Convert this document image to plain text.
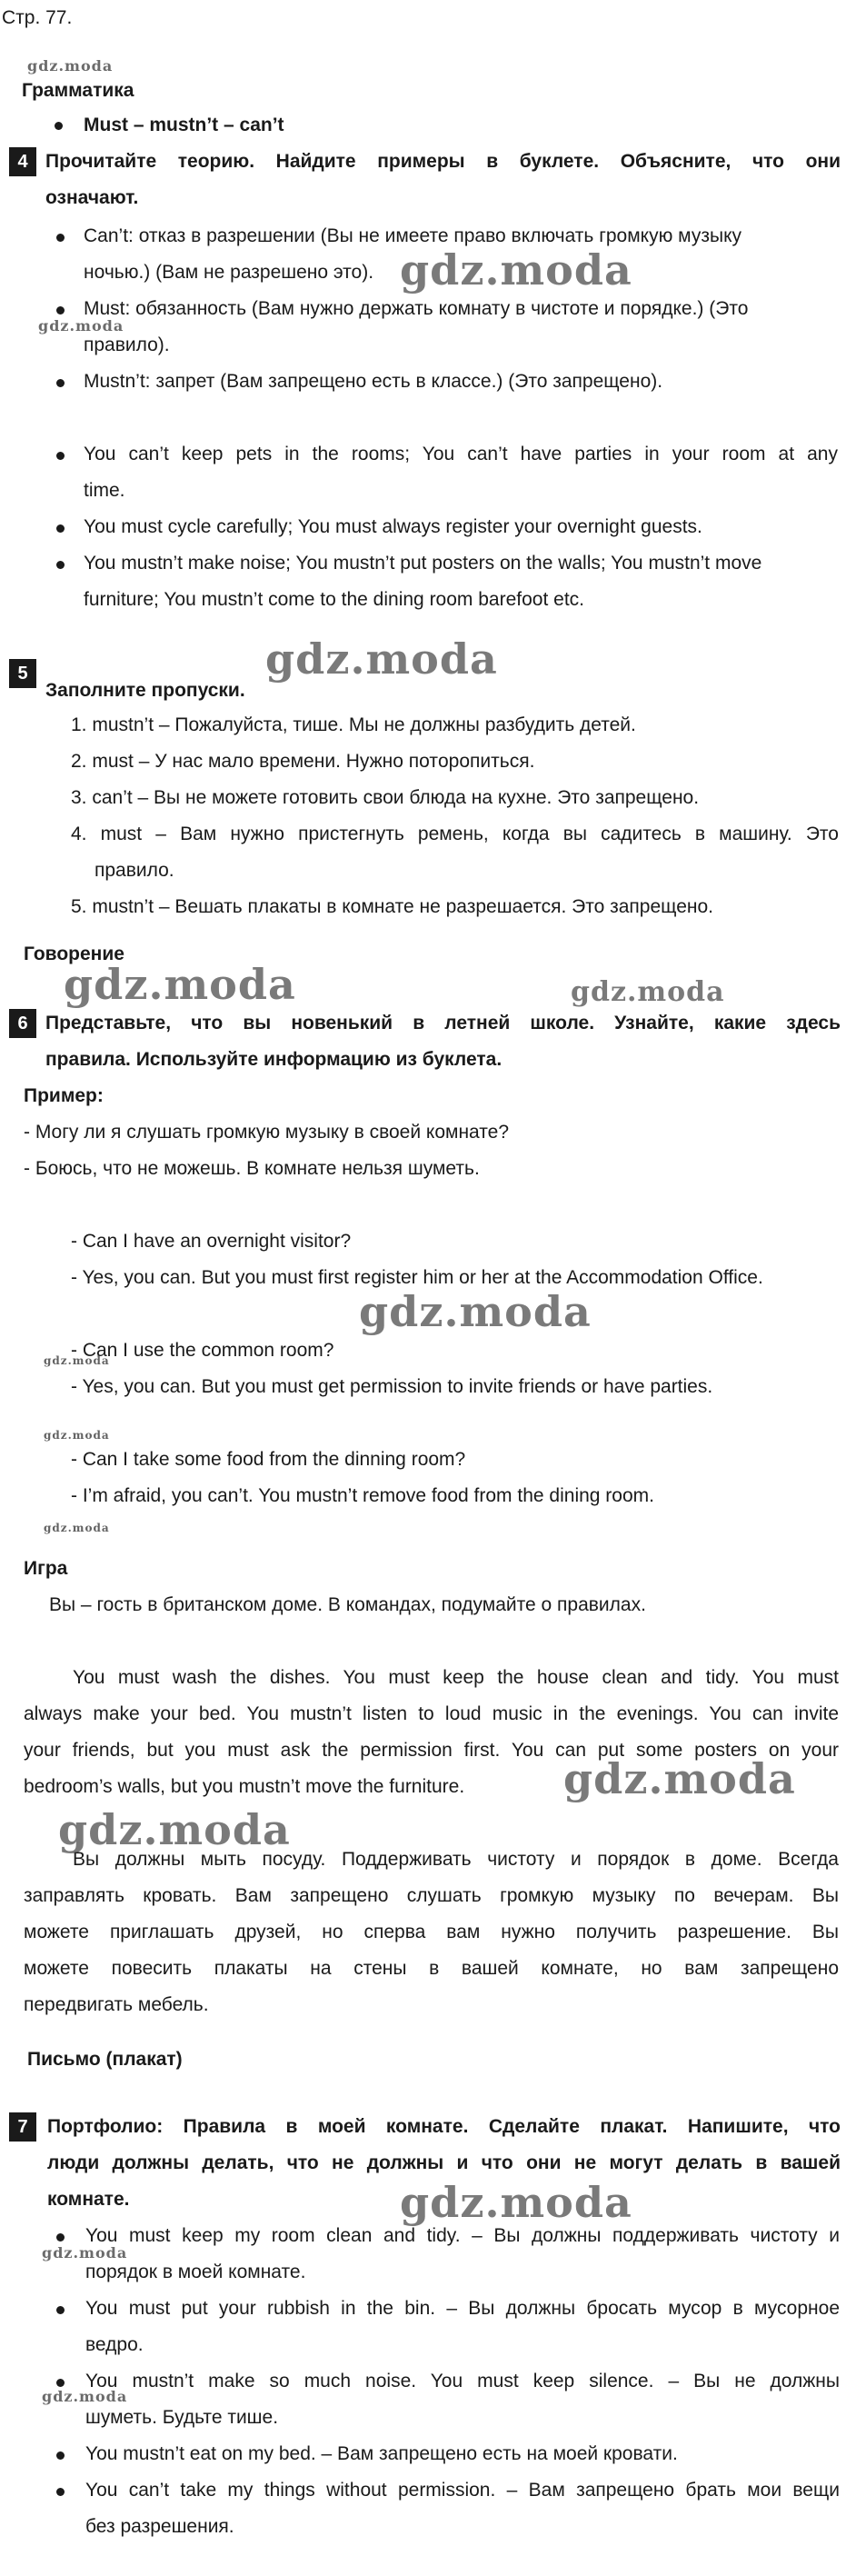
Стр. 77.
Грамматика
Must – mustn’t – can’t
4 Прочитайте теорию. Найдите примеры в буклете. Объясните, что они
означают.
Can’t: отказ в разрешении (Вы не имеете право включать громкую музыку
ночью.) (Вам не разрешено это).
Must: обязанность (Вам нужно держать комнату в чистоте и порядке.) (Это
правило).
Mustn’t: запрет (Вам запрещено есть в классе.) (Это запрещено).
You can’t keep pets in the rooms; You can’t have parties in your room at any
time.
You must cycle carefully; You must always register your overnight guests.
You mustn’t make noise; You mustn’t put posters on the walls; You mustn’t move
furniture; You mustn’t come to the dining room barefoot etc.
5
Заполните пропуски.
1. mustn’t – Пожалуйста, тише. Мы не должны разбудить детей.
2. must – У нас мало времени. Нужно потoропиться.
3. can’t – Вы не можете готовить свои блюда на кухне. Это запрещено.
4. must – Вам нужно пристегнуть ремень, когда вы садитесь в машину. Это
правило.
5. mustn’t – Вешать плакаты в комнате не разрешается. Это запрещено.
Говорение
6 Представьте, что вы новенький в летней школе. Узнайте, какие здесь
правила. Используйте информацию из буклета.
Пример:
- Могу ли я слушать громкую музыку в своей комнате?
- Боюсь, что не можешь. В комнате нельзя шуметь.
- Can I have an overnight visitor?
- Yes, you can. But you must first register him or her at the Accommodation Office.
- Can I use the common room?
- Yes, you can. But you must get permission to invite friends or have parties.
- Can I take some food from the dinning room?
- I’m afraid, you can’t. You mustn’t remove food from the dining room.
Игра
Вы – гость в британском доме. В командах, подумайте о правилах.
You must wash the dishes. You must keep the house clean and tidy. You must
always make your bed. You mustn’t listen to loud music in the evenings. You can invite
your friends, but you must ask the permission first. You can put some posters on your
bedroom’s walls, but you mustn’t move the furniture.
Вы должны мыть посуду. Поддерживать чистоту и порядок в доме. Всегда
заправлять кровать. Вам запрещено слушать громкую музыку по вечерам. Вы
можете приглашать друзей, но сперва вам нужно получить разрешение. Вы
можете повесить плакаты на стены в вашей комнате, но вам запрещено
передвигать мебель.
Письмо (плакат)
7	Портфолио: Правила в моей комнате. Сделайте плакат. Напишите, что
люди должны делать, что не должны и что они не могут делать в вашей
комнате.
You must keep my room clean and tidy. – Вы должны поддерживать чистоту и
порядок в моей комнате.
You must put your rubbish in the bin. – Вы должны бросать мусор в мусорное
ведро.
You mustn’t make so much noise. You must keep silence. – Вы не должны
шуметь. Будьте тише.
You mustn’t eat on my bed. – Вам запрещено есть на моей кровати.
You can’t take my things without permission. – Вам запрещено брать мои вещи
без разрешения.
gdz.moda
gdz.moda
gdz.moda
gdz.moda
gdz.moda	gdz.moda
gdz.moda
gdz.moda
gdz.moda
gdz.moda
gdz.moda
gdz.moda
gdz.moda
gdz.moda
gdz.moda
